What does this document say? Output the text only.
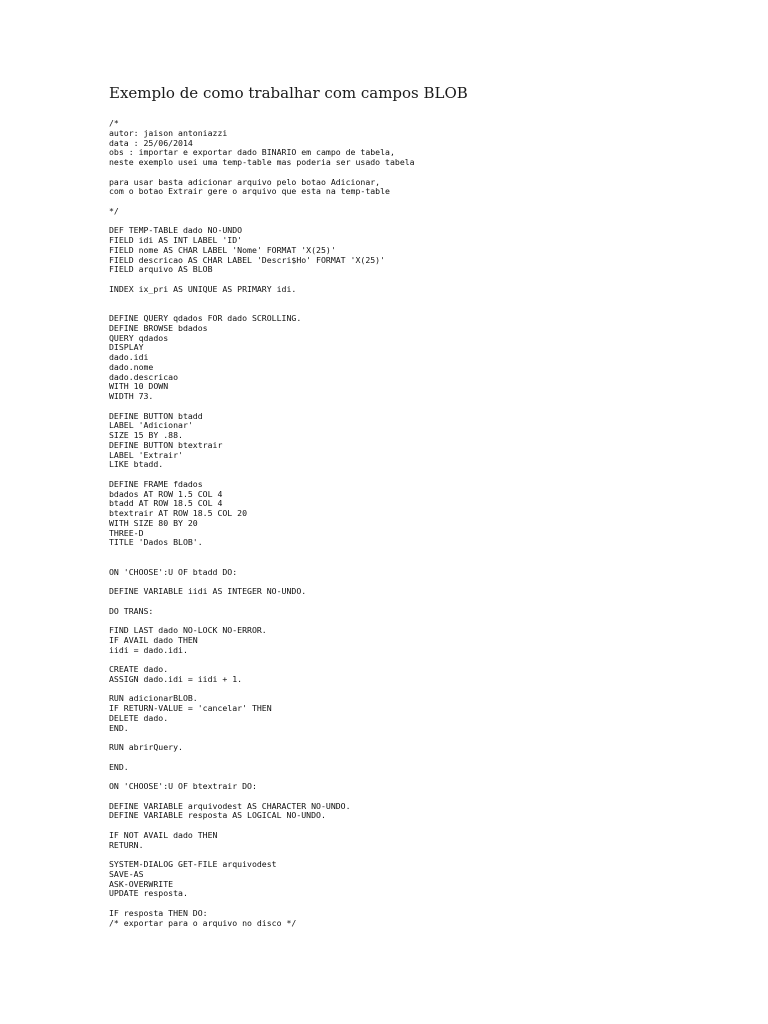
Exemplo de como trabalhar com campos BLOB
/*
autor: jaison antoniazzi
data : 25/06/2014
obs : importar e exportar dado BINARIO em campo de tabela,
neste exemplo usei uma temp-table mas poderia ser usado tabela
para usar basta adicionar arquivo pelo botao Adicionar,
com o botao Extrair gere o arquivo que esta na temp-table
*/
DEF TEMP-TABLE dado NO-UNDO
FIELD idi AS INT LABEL 'ID'
FIELD nome AS CHAR LABEL 'Nome' FORMAT 'X(25)'
FIELD descricao AS CHAR LABEL 'Descri$Ho' FORMAT 'X(25)'
FIELD arquivo AS BLOB
INDEX ix_pri AS UNIQUE AS PRIMARY idi.
DEFINE QUERY qdados FOR dado SCROLLING.
DEFINE BROWSE bdados
QUERY qdados
DISPLAY
dado.idi
dado.nome
dado.descricao
WITH 10 DOWN
WIDTH 73.
DEFINE BUTTON btadd
LABEL 'Adicionar'
SIZE 15 BY .88.
DEFINE BUTTON btextrair
LABEL 'Extrair'
LIKE btadd.
DEFINE FRAME fdados
bdados AT ROW 1.5 COL 4
btadd AT ROW 18.5 COL 4
btextrair AT ROW 18.5 COL 20
WITH SIZE 80 BY 20
THREE-D
TITLE 'Dados BLOB'.
ON 'CHOOSE':U OF btadd DO:
DEFINE VARIABLE iidi AS INTEGER NO-UNDO.
DO TRANS:
FIND LAST dado NO-LOCK NO-ERROR.
IF AVAIL dado THEN
iidi = dado.idi.
CREATE dado.
ASSIGN dado.idi = iidi + 1.
RUN adicionarBLOB.
IF RETURN-VALUE = 'cancelar' THEN
DELETE dado.
END.
RUN abrirQuery.
END.
ON 'CHOOSE':U OF btextrair DO:
DEFINE VARIABLE arquivodest AS CHARACTER NO-UNDO.
DEFINE VARIABLE resposta AS LOGICAL NO-UNDO.
IF NOT AVAIL dado THEN
RETURN.
SYSTEM-DIALOG GET-FILE arquivodest
SAVE-AS
ASK-OVERWRITE
UPDATE resposta.
IF resposta THEN DO:
/* exportar para o arquivo no disco */
